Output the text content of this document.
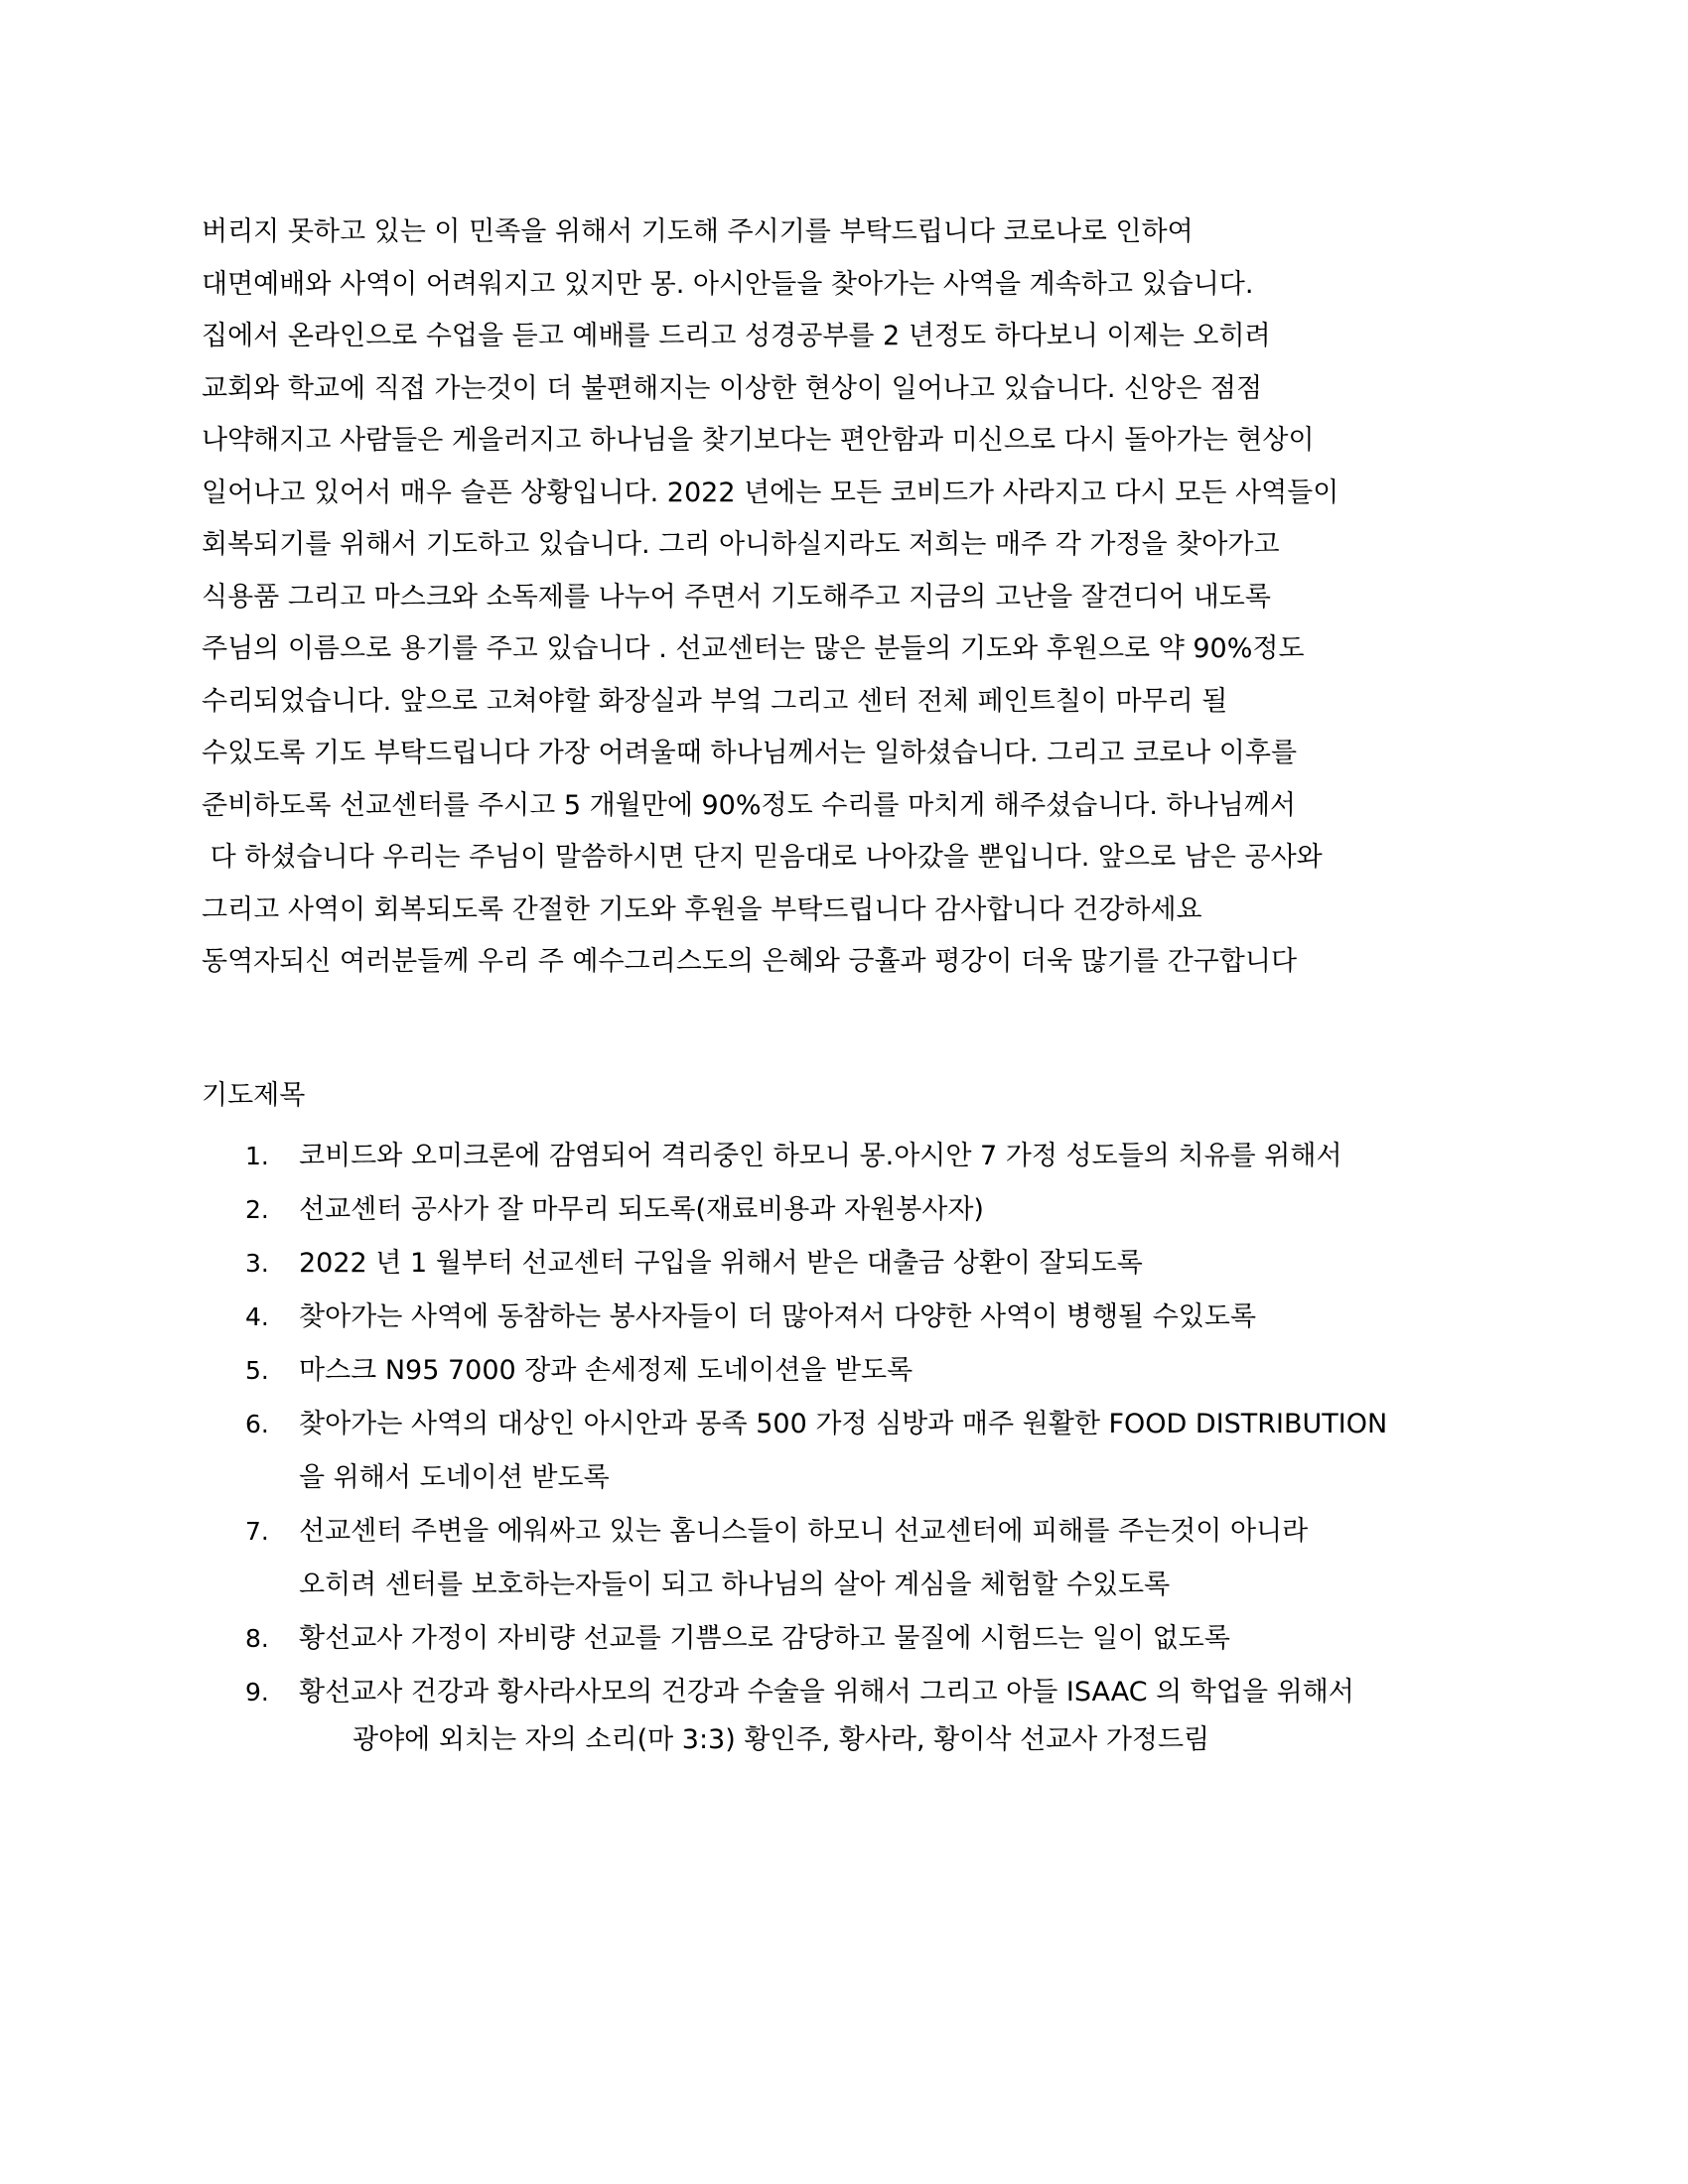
버리지 못하고 있는 이 민족을 위해서 기도해 주시기를 부탁드립니다 코로나로 인하여
대면예배와 사역이 어려워지고 있지만 몽. 아시안들을 찾아가는 사역을 계속하고 있습니다.
집에서 온라인으로 수업을 듣고 예배를 드리고 성경공부를 2 년정도 하다보니 이제는 오히려
교회와 학교에 직접 가는것이 더 불편해지는 이상한 현상이 일어나고 있습니다. 신앙은 점점
나약해지고 사람들은 게을러지고 하나님을 찾기보다는 편안함과 미신으로 다시 돌아가는 현상이
일어나고 있어서 매우 슬픈 상황입니다. 2022 년에는 모든 코비드가 사라지고 다시 모든 사역들이
회복되기를 위해서 기도하고 있습니다. 그리 아니하실지라도 저희는 매주 각 가정을 찾아가고
식용품 그리고 마스크와 소독제를 나누어 주면서 기도해주고 지금의 고난을 잘견디어 내도록
주님의 이름으로 용기를 주고 있습니다 . 선교센터는 많은 분들의 기도와 후원으로 약 90%정도
수리되었습니다. 앞으로 고쳐야할 화장실과 부엌 그리고 센터 전체 페인트칠이 마무리 될
수있도록 기도 부탁드립니다 가장 어려울때 하나님께서는 일하셨습니다. 그리고 코로나 이후를
준비하도록 선교센터를 주시고 5 개월만에 90%정도 수리를 마치게 해주셨습니다. 하나님께서
다 하셨습니다 우리는 주님이 말씀하시면 단지 믿음대로 나아갔을 뿐입니다. 앞으로 남은 공사와
그리고 사역이 회복되도록 간절한 기도와 후원을 부탁드립니다 감사합니다 건강하세요
동역자되신 여러분들께 우리 주 예수그리스도의 은혜와 긍휼과 평강이 더욱 많기를 간구합니다
기도제목
1. 코비드와 오미크론에 감염되어 격리중인 하모니 몽.아시안 7 가정 성도들의 치유를 위해서
2. 선교센터 공사가 잘 마무리 되도록(재료비용과 자원봉사자)
3. 2022 년 1 월부터 선교센터 구입을 위해서 받은 대출금 상환이 잘되도록
4. 찾아가는 사역에 동참하는 봉사자들이 더 많아져서 다양한 사역이 병행될 수있도록
5. 마스크 N95 7000 장과 손세정제 도네이션을 받도록
6. 찾아가는 사역의 대상인 아시안과 몽족 500 가정 심방과 매주 원활한 FOOD DISTRIBUTION
을 위해서 도네이션 받도록
7. 선교센터 주변을 에워싸고 있는 홈니스들이 하모니 선교센터에 피해를 주는것이 아니라
오히려 센터를 보호하는자들이 되고 하나님의 살아 계심을 체험할 수있도록
8. 황선교사 가정이 자비량 선교를 기쁨으로 감당하고 물질에 시험드는 일이 없도록
9. 황선교사 건강과 황사라사모의 건강과 수술을 위해서 그리고 아들 ISAAC 의 학업을 위해서
광야에 외치는 자의 소리(마 3:3) 황인주, 황사라, 황이삭 선교사 가정드림
